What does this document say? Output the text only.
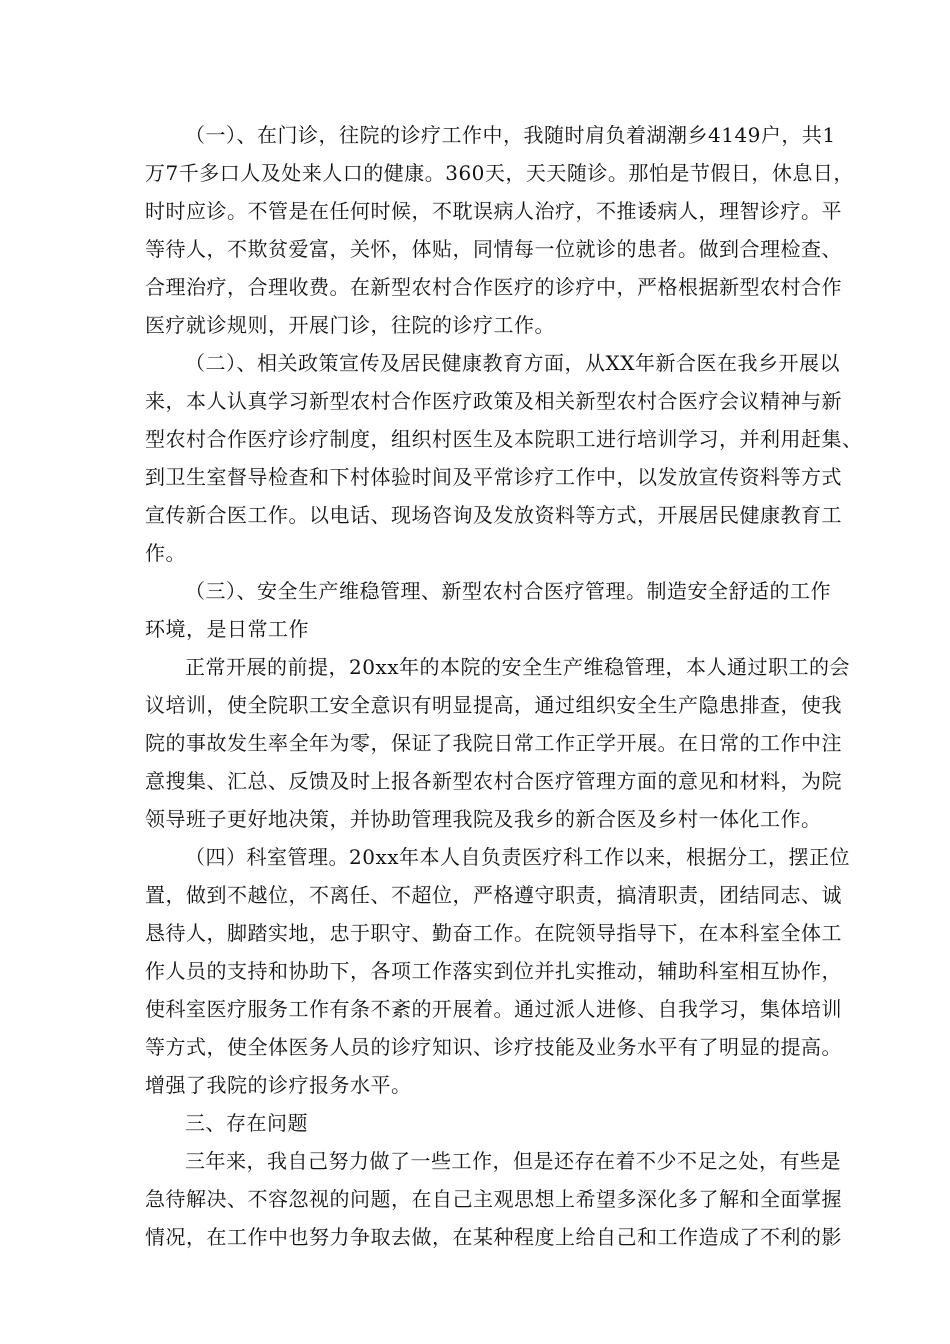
（一）、在门诊，往院的诊疗工作中，我随时肩负着湖潮乡4149户，共1
万7千多口人及处来人口的健康。360天，天天随诊。那怕是节假日，休息日，
时时应诊。不管是在任何时候，不耽误病人治疗，不推诿病人，理智诊疗。平
等待人，不欺贫爱富，关怀，体贴，同情每一位就诊的患者。做到合理检查、
合理治疗，合理收费。在新型农村合作医疗的诊疗中，严格根据新型农村合作
医疗就诊规则，开展门诊，往院的诊疗工作。
（二）、相关政策宣传及居民健康教育方面，从XX年新合医在我乡开展以
来，本人认真学习新型农村合作医疗政策及相关新型农村合医疗会议精神与新
型农村合作医疗诊疗制度，组织村医生及本院职工进行培训学习，并利用赶集、
到卫生室督导检查和下村体验时间及平常诊疗工作中，以发放宣传资料等方式
宣传新合医工作。以电话、现场咨询及发放资料等方式，开展居民健康教育工
作。
（三）、安全生产维稳管理、新型农村合医疗管理。制造安全舒适的工作
环境，是日常工作
正常开展的前提，20xx年的本院的安全生产维稳管理，本人通过职工的会
议培训，使全院职工安全意识有明显提高，通过组织安全生产隐患排查，使我
院的事故发生率全年为零，保证了我院日常工作正学开展。在日常的工作中注
意搜集、汇总、反馈及时上报各新型农村合医疗管理方面的意见和材料，为院
领导班子更好地决策，并协助管理我院及我乡的新合医及乡村一体化工作。
（四）科室管理。20xx年本人自负责医疗科工作以来，根据分工，摆正位
置，做到不越位，不离任、不超位，严格遵守职责，搞清职责，团结同志、诚
恳待人，脚踏实地，忠于职守、勤奋工作。在院领导指导下，在本科室全体工
作人员的支持和协助下，各项工作落实到位并扎实推动，辅助科室相互协作，
使科室医疗服务工作有条不紊的开展着。通过派人进修、自我学习，集体培训
等方式，使全体医务人员的诊疗知识、诊疗技能及业务水平有了明显的提高。
增强了我院的诊疗报务水平。
三、存在问题
三年来，我自己努力做了一些工作，但是还存在着不少不足之处，有些是
急待解决、不容忽视的问题，在自己主观思想上希望多深化多了解和全面掌握
情况，在工作中也努力争取去做，在某种程度上给自己和工作造成了不利的影
